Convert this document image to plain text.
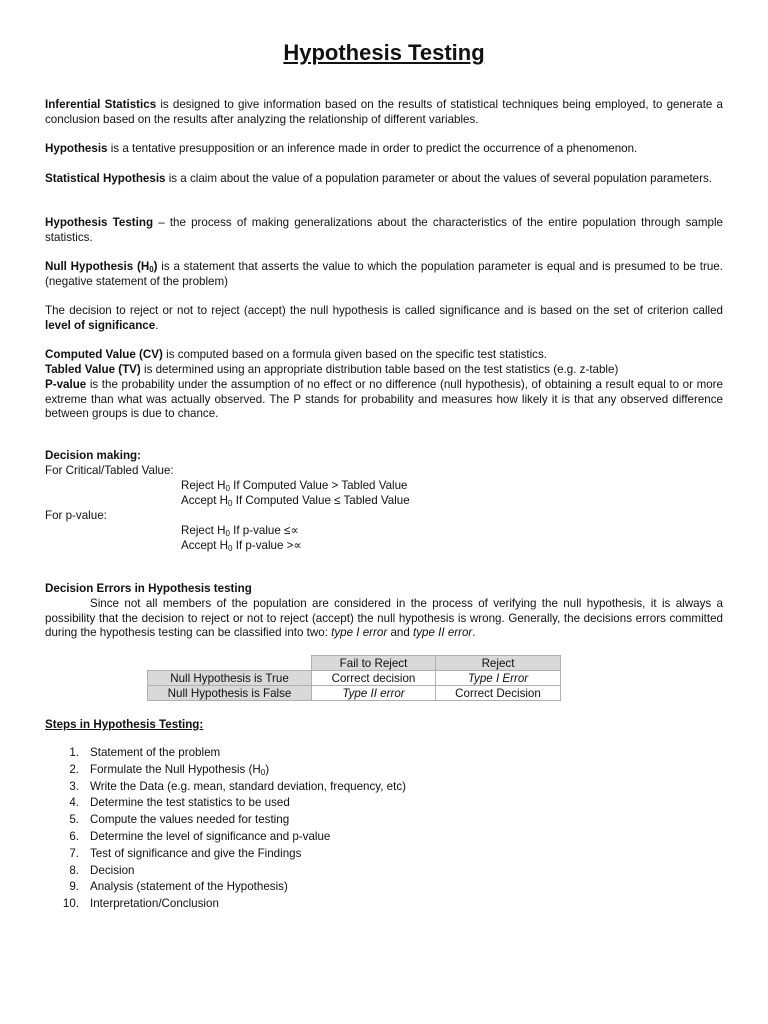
Hypothesis Testing
Inferential Statistics is designed to give information based on the results of statistical techniques being employed, to generate a conclusion based on the results after analyzing the relationship of different variables.
Hypothesis is a tentative presupposition or an inference made in order to predict the occurrence of a phenomenon.
Statistical Hypothesis is a claim about the value of a population parameter or about the values of several population parameters.
Hypothesis Testing – the process of making generalizations about the characteristics of the entire population through sample statistics.
Null Hypothesis $(H_0)$ is a statement that asserts the value to which the population parameter is equal and is presumed to be true. (negative statement of the problem)
The decision to reject or not to reject (accept) the null hypothesis is called significance and is based on the set of criterion called level of significance.
Computed Value (CV) is computed based on a formula given based on the specific test statistics.
Tabled Value (TV) is determined using an appropriate distribution table based on the test statistics (e.g. z-table)
P-value is the probability under the assumption of no effect or no difference (null hypothesis), of obtaining a result equal to or more extreme than what was actually observed. The P stands for probability and measures how likely it is that any observed difference between groups is due to chance.
Decision making:
For Critical/Tabled Value:
Reject $H_0$ If Computed Value > Tabled Value
Accept $H_0$ If Computed Value ≤ Tabled Value
For p-value:
Reject $H_0$ If p-value ≤∝
Accept $H_0$ If p-value >∝
Decision Errors in Hypothesis testing
Since not all members of the population are considered in the process of verifying the null hypothesis, it is always a possibility that the decision to reject or not to reject (accept) the null hypothesis is wrong. Generally, the decisions errors committed during the hypothesis testing can be classified into two: type I error and type II error.
	Fail to Reject	Reject
Null Hypothesis is True	Correct decision	Type I Error
Null Hypothesis is False	Type II error	Correct Decision
Steps in Hypothesis Testing:
1. Statement of the problem
2. Formulate the Null Hypothesis $(H_0)$
3. Write the Data (e.g. mean, standard deviation, frequency, etc)
4. Determine the test statistics to be used
5. Compute the values needed for testing
6. Determine the level of significance and p-value
7. Test of significance and give the Findings
8. Decision
9. Analysis (statement of the Hypothesis)
10. Interpretation/Conclusion
